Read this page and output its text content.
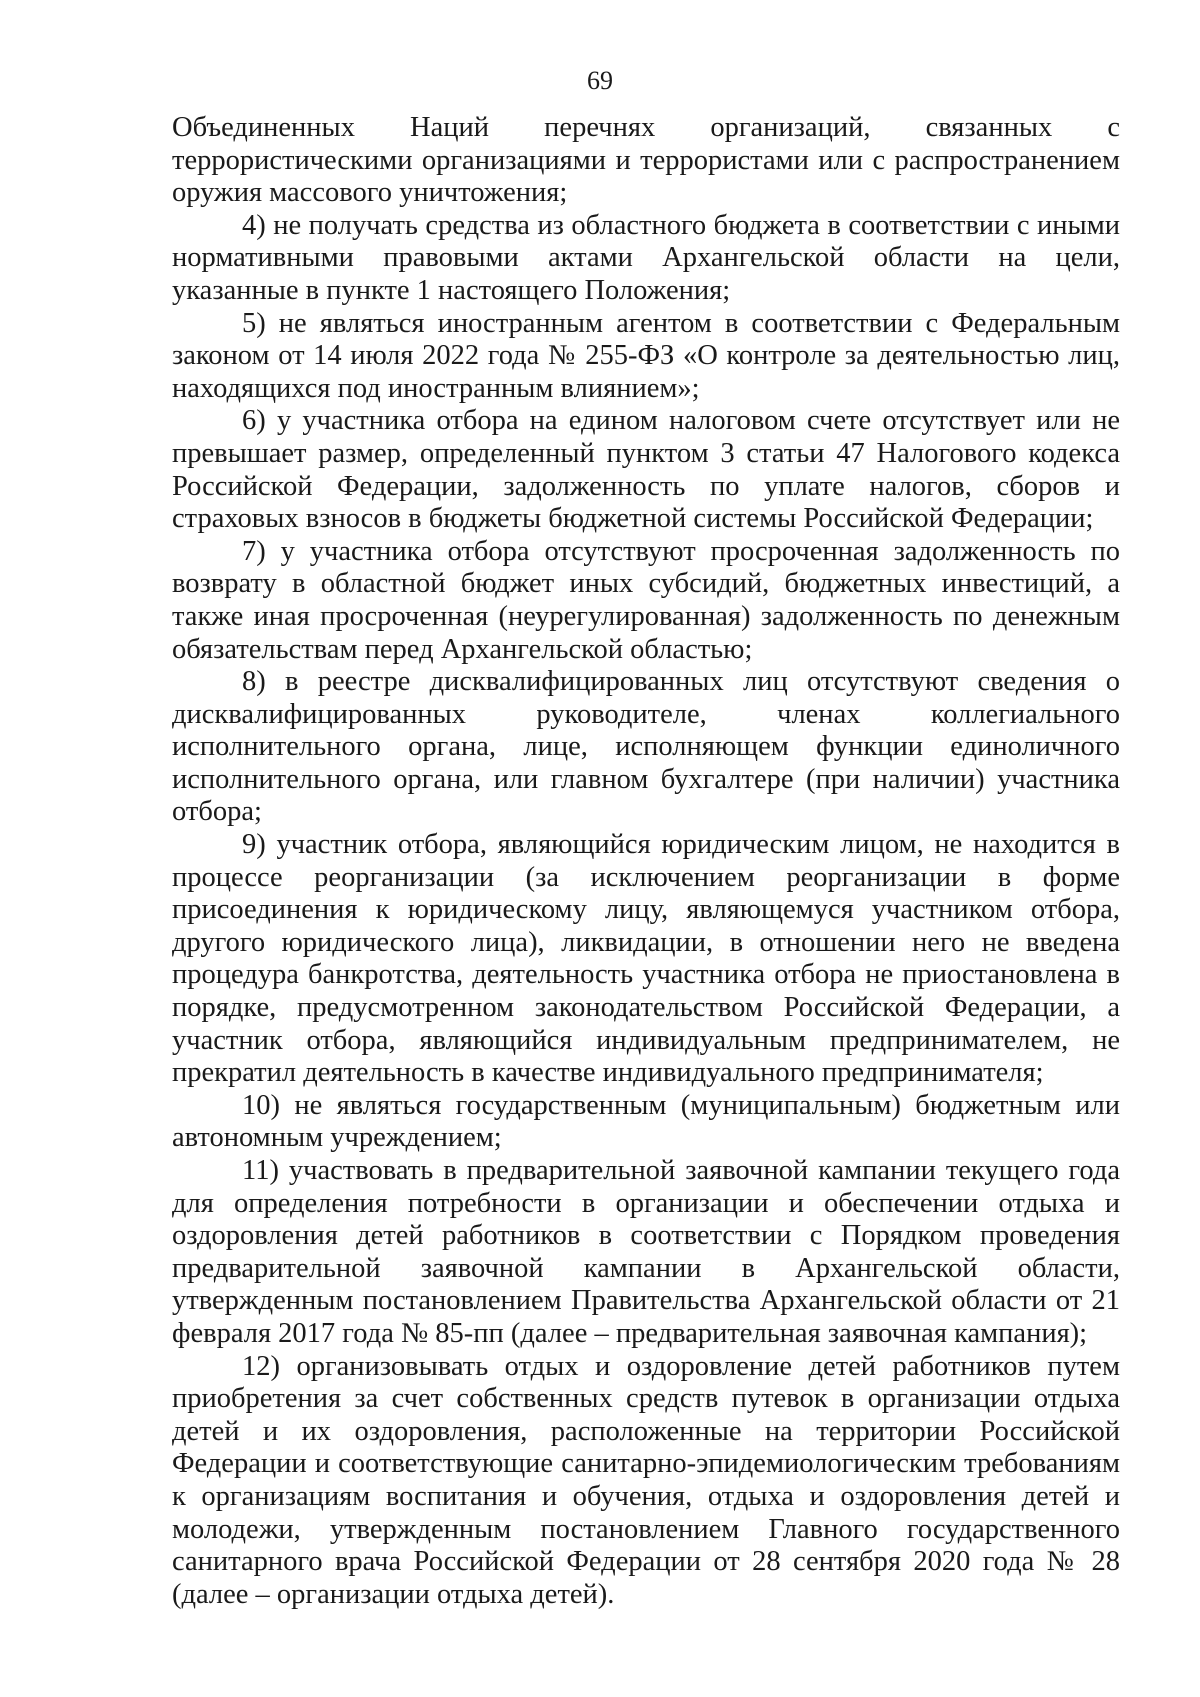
69

Объединенных Наций перечнях организаций, связанных с террористическими организациями и террористами или с распространением оружия массового уничтожения;

4) не получать средства из областного бюджета в соответствии с иными нормативными правовыми актами Архангельской области на цели, указанные в пункте 1 настоящего Положения;

5) не являться иностранным агентом в соответствии с Федеральным законом от 14 июля 2022 года № 255-ФЗ «О контроле за деятельностью лиц, находящихся под иностранным влиянием»;

6) у участника отбора на едином налоговом счете отсутствует или не превышает размер, определенный пунктом 3 статьи 47 Налогового кодекса Российской Федерации, задолженность по уплате налогов, сборов и страховых взносов в бюджеты бюджетной системы Российской Федерации;

7) у участника отбора отсутствуют просроченная задолженность по возврату в областной бюджет иных субсидий, бюджетных инвестиций, а также иная просроченная (неурегулированная) задолженность по денежным обязательствам перед Архангельской областью;

8) в реестре дисквалифицированных лиц отсутствуют сведения о дисквалифицированных руководителе, членах коллегиального исполнительного органа, лице, исполняющем функции единоличного исполнительного органа, или главном бухгалтере (при наличии) участника отбора;

9) участник отбора, являющийся юридическим лицом, не находится в процессе реорганизации (за исключением реорганизации в форме присоединения к юридическому лицу, являющемуся участником отбора, другого юридического лица), ликвидации, в отношении него не введена процедура банкротства, деятельность участника отбора не приостановлена в порядке, предусмотренном законодательством Российской Федерации, а участник отбора, являющийся индивидуальным предпринимателем, не прекратил деятельность в качестве индивидуального предпринимателя;

10) не являться государственным (муниципальным) бюджетным или автономным учреждением;

11) участвовать в предварительной заявочной кампании текущего года для определения потребности в организации и обеспечении отдыха и оздоровления детей работников в соответствии с Порядком проведения предварительной заявочной кампании в Архангельской области, утвержденным постановлением Правительства Архангельской области от 21 февраля 2017 года № 85-пп (далее – предварительная заявочная кампания);

12) организовывать отдых и оздоровление детей работников путем приобретения за счет собственных средств путевок в организации отдыха детей и их оздоровления, расположенные на территории Российской Федерации и соответствующие санитарно-эпидемиологическим требованиям к организациям воспитания и обучения, отдыха и оздоровления детей и молодежи, утвержденным постановлением Главного государственного санитарного врача Российской Федерации от 28 сентября 2020 года № 28 (далее – организации отдыха детей).
